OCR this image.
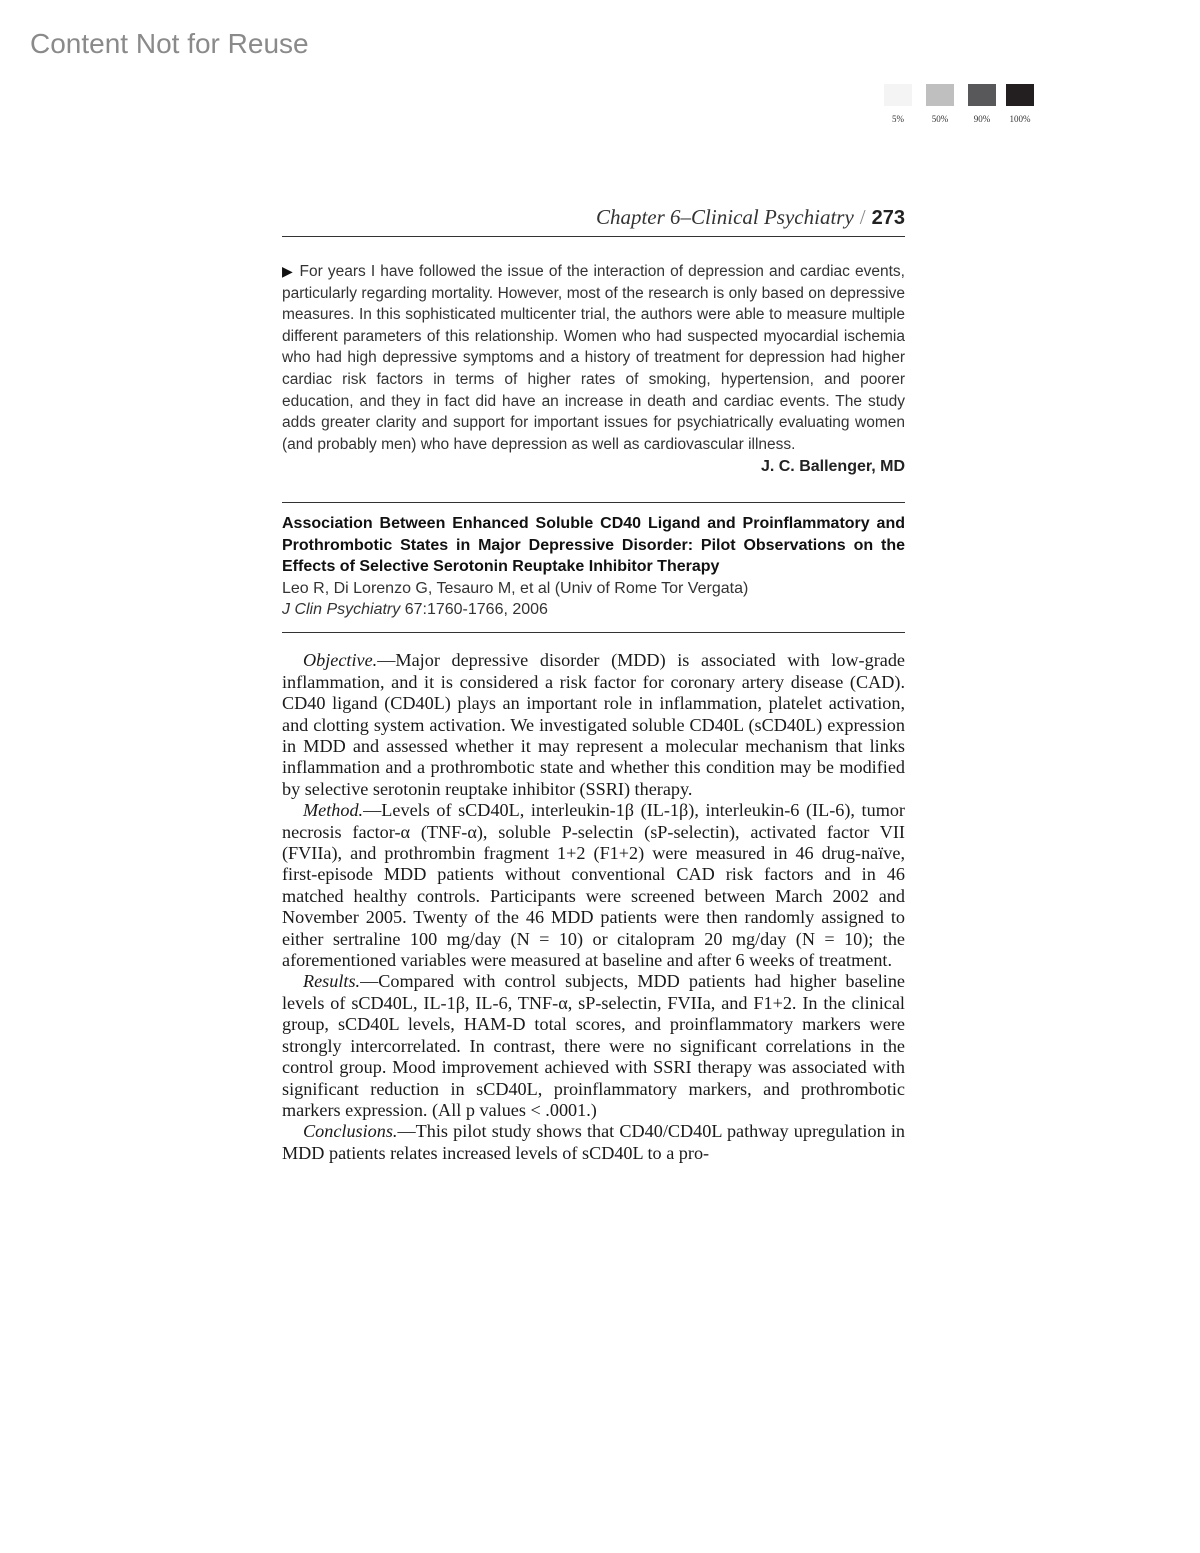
Content Not for Reuse
5%	50%	90%	100%
Chapter 6–Clinical Psychiatry / 273
▶ For years I have followed the issue of the interaction of depression and cardiac events, particularly regarding mortality. However, most of the research is only based on depressive measures. In this sophisticated multicenter trial, the authors were able to measure multiple different parameters of this relationship. Women who had suspected myocardial ischemia who had high depressive symptoms and a history of treatment for depression had higher cardiac risk factors in terms of higher rates of smoking, hypertension, and poorer education, and they in fact did have an increase in death and cardiac events. The study adds greater clarity and support for important issues for psychiatrically evaluating women (and probably men) who have depression as well as cardiovascular illness.
J. C. Ballenger, MD
Association Between Enhanced Soluble CD40 Ligand and Proinflammatory and Prothrombotic States in Major Depressive Disorder: Pilot Observations on the Effects of Selective Serotonin Reuptake Inhibitor Therapy
Leo R, Di Lorenzo G, Tesauro M, et al (Univ of Rome Tor Vergata)
J Clin Psychiatry 67:1760-1766, 2006

Objective.—Major depressive disorder (MDD) is associated with low-grade inflammation, and it is considered a risk factor for coronary artery disease (CAD). CD40 ligand (CD40L) plays an important role in inflammation, platelet activation, and clotting system activation. We investigated soluble CD40L (sCD40L) expression in MDD and assessed whether it may represent a molecular mechanism that links inflammation and a prothrombotic state and whether this condition may be modified by selective serotonin reuptake inhibitor (SSRI) therapy.

Method.—Levels of sCD40L, interleukin-1β (IL-1β), interleukin-6 (IL-6), tumor necrosis factor-α (TNF-α), soluble P-selectin (sP-selectin), activated factor VII (FVIIa), and prothrombin fragment 1+2 (F1+2) were measured in 46 drug-naïve, first-episode MDD patients without conventional CAD risk factors and in 46 matched healthy controls. Participants were screened between March 2002 and November 2005. Twenty of the 46 MDD patients were then randomly assigned to either sertraline 100 mg/day (N = 10) or citalopram 20 mg/day (N = 10); the aforementioned variables were measured at baseline and after 6 weeks of treatment.

Results.—Compared with control subjects, MDD patients had higher baseline levels of sCD40L, IL-1β, IL-6, TNF-α, sP-selectin, FVIIa, and F1+2. In the clinical group, sCD40L levels, HAM-D total scores, and proinflammatory markers were strongly intercorrelated. In contrast, there were no significant correlations in the control group. Mood improvement achieved with SSRI therapy was associated with significant reduction in sCD40L, proinflammatory markers, and prothrombotic markers expression. (All p values < .0001.)

Conclusions.—This pilot study shows that CD40/CD40L pathway upregulation in MDD patients relates increased levels of sCD40L to a pro-
